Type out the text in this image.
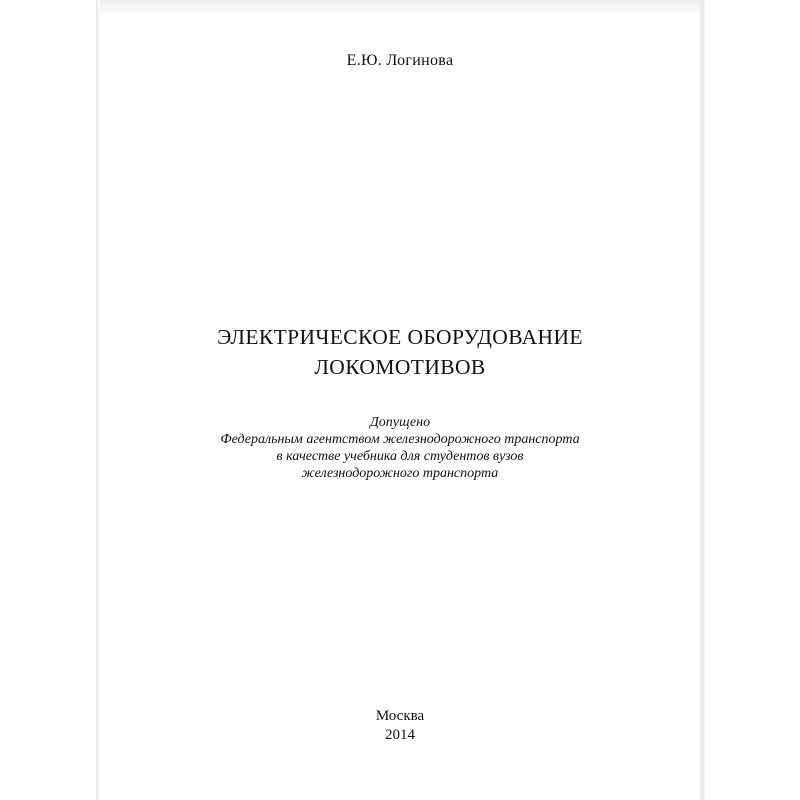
Е.Ю. Логинова
ЭЛЕКТРИЧЕСКОЕ ОБОРУДОВАНИЕ
ЛОКОМОТИВОВ
Допущено
Федеральным агентством железнодорожного транспорта
в качестве учебника для студентов вузов
железнодорожного транспорта
Москва
2014
